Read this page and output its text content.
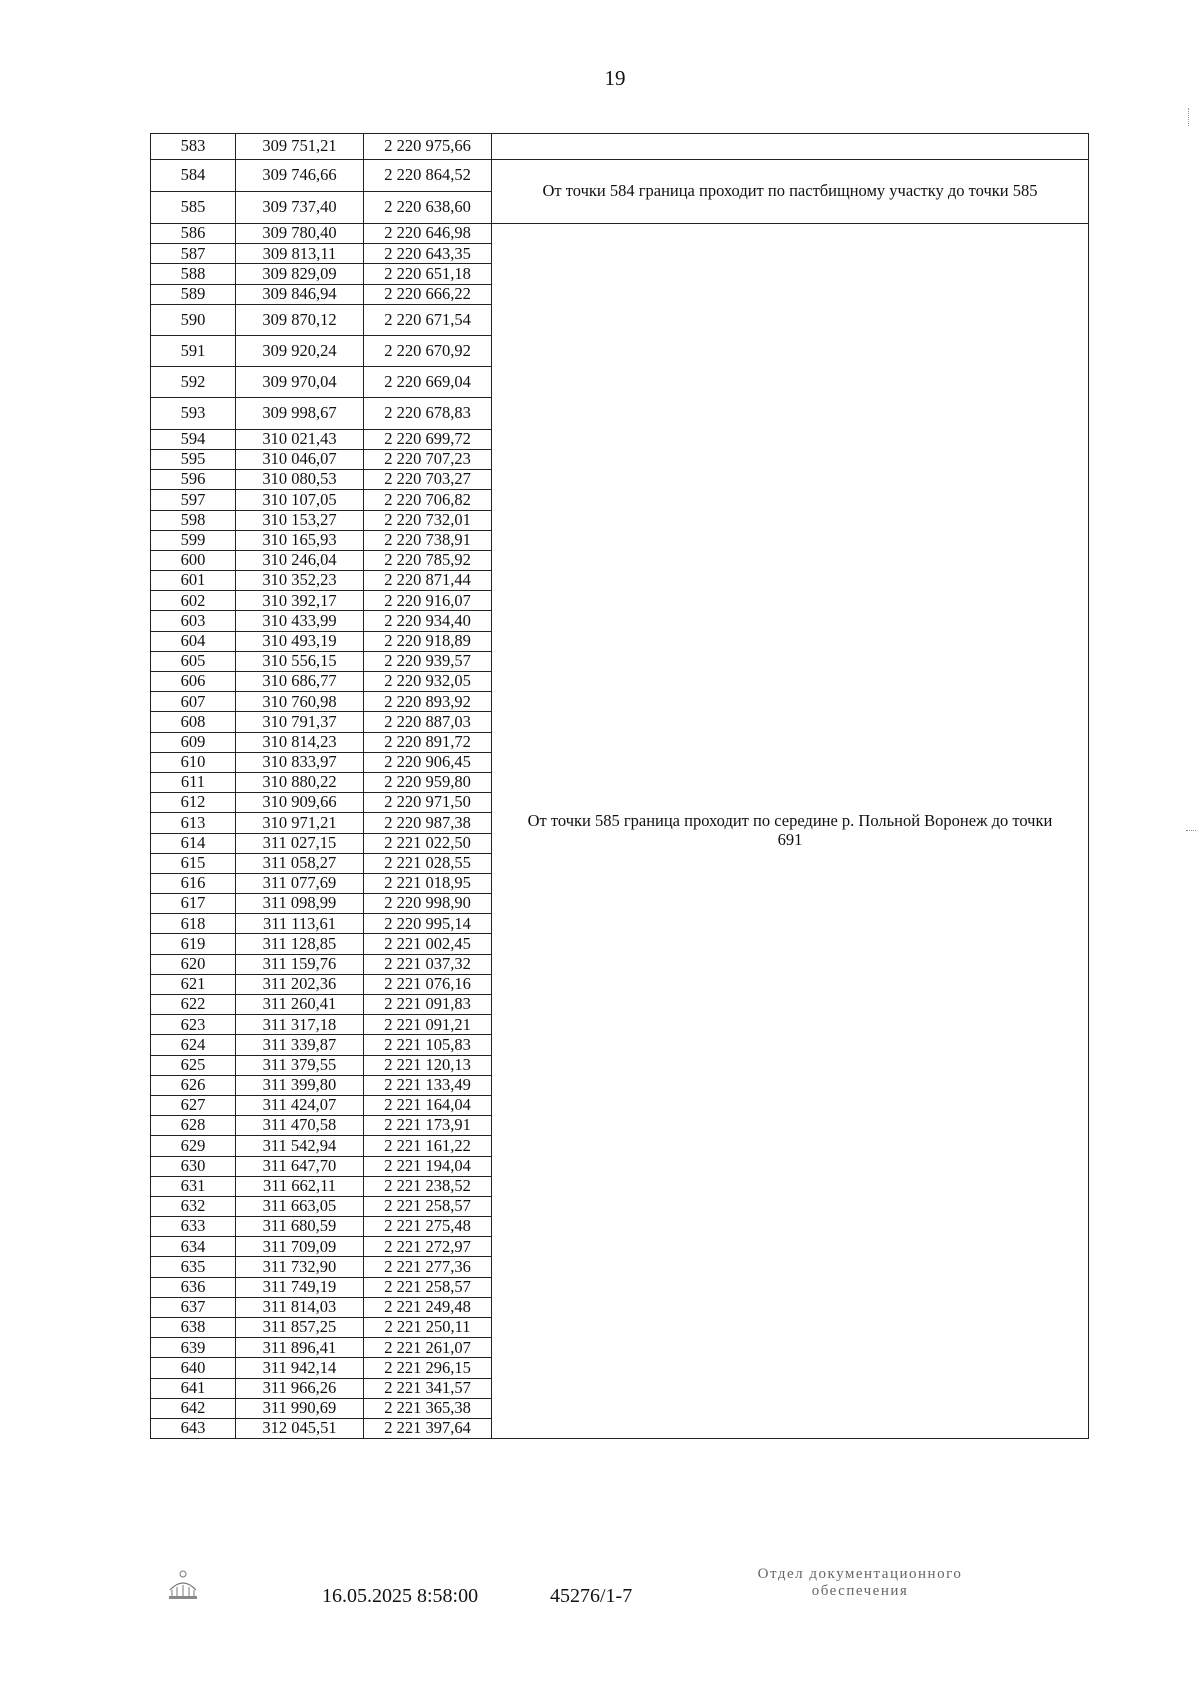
19
583	309 751,21	2 220 975,66	
584	309 746,66	2 220 864,52	От точки 584 граница проходит по пастбищному участку до точки 585
585	309 737,40	2 220 638,60	
586	309 780,40	2 220 646,98	От точки 585 граница проходит по середине р. Польной Воронеж до точки 691
587	309 813,11	2 220 643,35	
588	309 829,09	2 220 651,18	
589	309 846,94	2 220 666,22	
590	309 870,12	2 220 671,54	
591	309 920,24	2 220 670,92	
592	309 970,04	2 220 669,04	
593	309 998,67	2 220 678,83	
594	310 021,43	2 220 699,72	
595	310 046,07	2 220 707,23	
596	310 080,53	2 220 703,27	
597	310 107,05	2 220 706,82	
598	310 153,27	2 220 732,01	
599	310 165,93	2 220 738,91	
600	310 246,04	2 220 785,92	
601	310 352,23	2 220 871,44	
602	310 392,17	2 220 916,07	
603	310 433,99	2 220 934,40	
604	310 493,19	2 220 918,89	
605	310 556,15	2 220 939,57	
606	310 686,77	2 220 932,05	
607	310 760,98	2 220 893,92	
608	310 791,37	2 220 887,03	
609	310 814,23	2 220 891,72	
610	310 833,97	2 220 906,45	
611	310 880,22	2 220 959,80	
612	310 909,66	2 220 971,50	
613	310 971,21	2 220 987,38	
614	311 027,15	2 221 022,50	
615	311 058,27	2 221 028,55	
616	311 077,69	2 221 018,95	
617	311 098,99	2 220 998,90	
618	311 113,61	2 220 995,14	
619	311 128,85	2 221 002,45	
620	311 159,76	2 221 037,32	
621	311 202,36	2 221 076,16	
622	311 260,41	2 221 091,83	
623	311 317,18	2 221 091,21	
624	311 339,87	2 221 105,83	
625	311 379,55	2 221 120,13	
626	311 399,80	2 221 133,49	
627	311 424,07	2 221 164,04	
628	311 470,58	2 221 173,91	
629	311 542,94	2 221 161,22	
630	311 647,70	2 221 194,04	
631	311 662,11	2 221 238,52	
632	311 663,05	2 221 258,57	
633	311 680,59	2 221 275,48	
634	311 709,09	2 221 272,97	
635	311 732,90	2 221 277,36	
636	311 749,19	2 221 258,57	
637	311 814,03	2 221 249,48	
638	311 857,25	2 221 250,11	
639	311 896,41	2 221 261,07	
640	311 942,14	2 221 296,15	
641	311 966,26	2 221 341,57	
642	311 990,69	2 221 365,38	
643	312 045,51	2 221 397,64	
16.05.2025 8:58:00	45276/1-7
Отдел документационного
обеспечения
